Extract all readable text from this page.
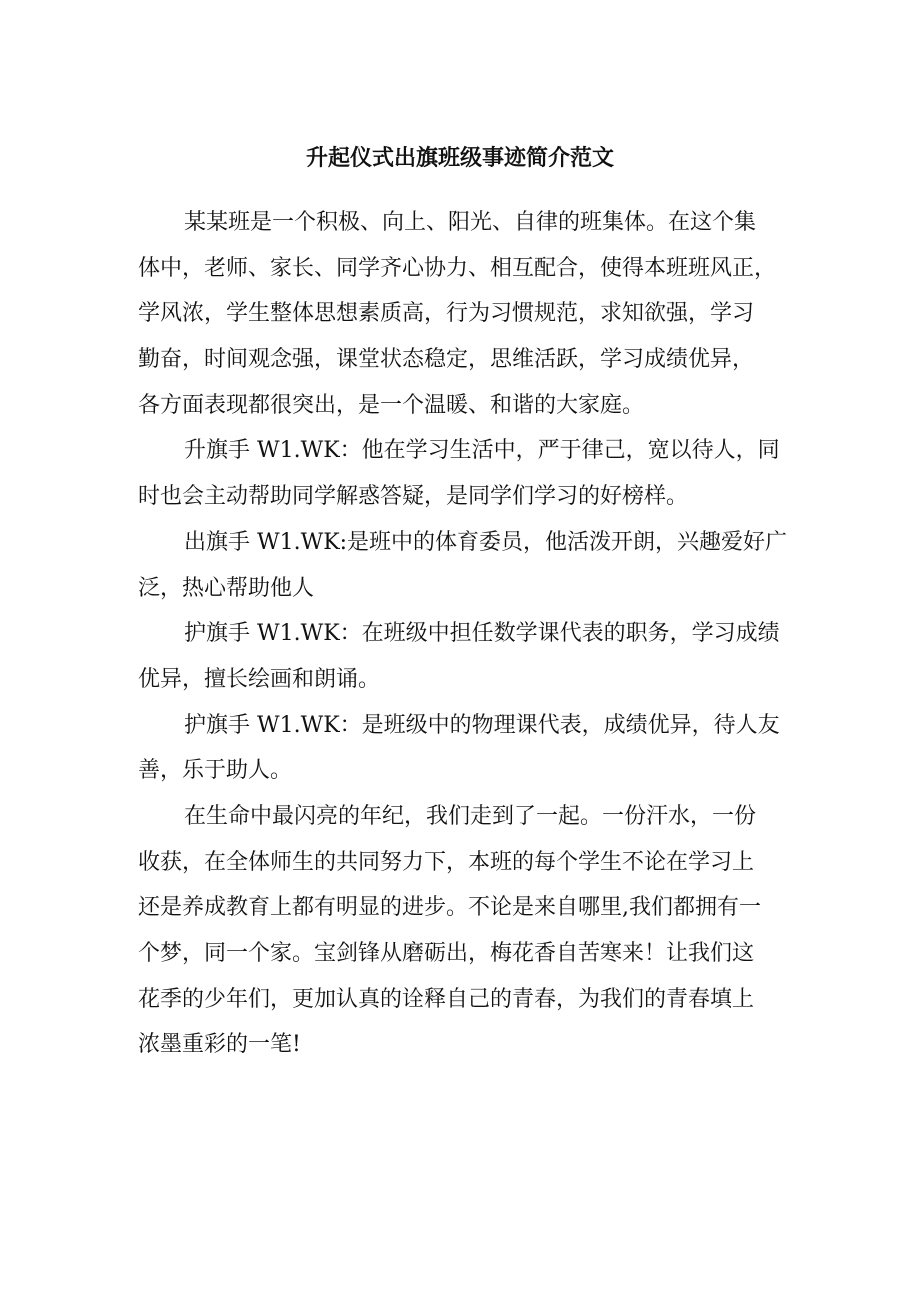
升起仪式出旗班级事迹简介范文
某某班是一个积极、向上、阳光、自律的班集体。在这个集
体中，老师、家长、同学齐心协力、相互配合，使得本班班风正，
学风浓，学生整体思想素质高，行为习惯规范，求知欲强，学习
勤奋，时间观念强，课堂状态稳定，思维活跃，学习成绩优异，
各方面表现都很突出，是一个温暖、和谐的大家庭。
升旗手 W1.WK：他在学习生活中，严于律己，宽以待人，同
时也会主动帮助同学解惑答疑，是同学们学习的好榜样。
出旗手 W1.WK:是班中的体育委员，他活泼开朗，兴趣爱好广
泛，热心帮助他人
护旗手 W1.WK：在班级中担任数学课代表的职务，学习成绩
优异，擅长绘画和朗诵。
护旗手 W1.WK：是班级中的物理课代表，成绩优异，待人友
善，乐于助人。
在生命中最闪亮的年纪，我们走到了一起。一份汗水，一份
收获，在全体师生的共同努力下，本班的每个学生不论在学习上
还是养成教育上都有明显的进步。不论是来自哪里,我们都拥有一
个梦，同一个家。宝剑锋从磨砺出，梅花香自苦寒来！让我们这
花季的少年们，更加认真的诠释自己的青春，为我们的青春填上
浓墨重彩的一笔!
